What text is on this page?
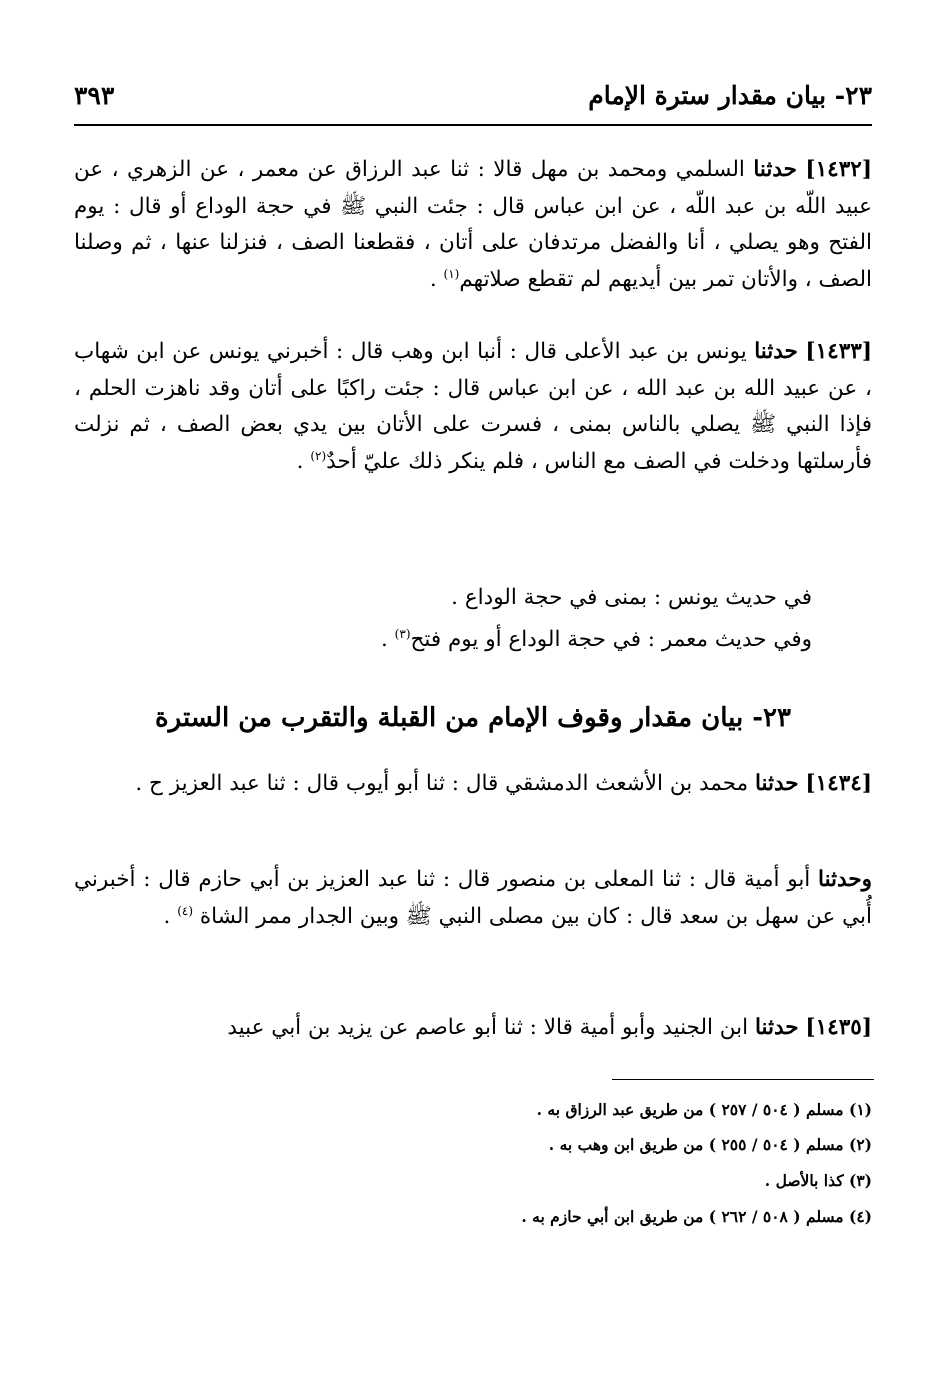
٢٣- بيان مقدار سترة الإمام
٣٩٣

[١٤٣٢] حدثنا السلمي ومحمد بن مهل قالا : ثنا عبد الرزاق عن معمر ، عن الزهري ، عن عبيد اللّه بن عبد اللّه ، عن ابن عباس قال : جئت النبي ﷺ في حجة الوداع أو قال : يوم الفتح وهو يصلي ، أنا والفضل مرتدفان على أتان ، فقطعنا الصف ، فنزلنا عنها ، ثم وصلنا الصف ، والأتان تمر بين أيديهم لم تقطع صلاتهم$^{(١)}$ .

[١٤٣٣] حدثنا يونس بن عبد الأعلى قال : أنبا ابن وهب قال : أخبرني يونس عن ابن شهاب ، عن عبيد الله بن عبد الله ، عن ابن عباس قال : جئت راكبًا على أتان وقد ناهزت الحلم ، فإذا النبي ﷺ يصلي بالناس بمنى ، فسرت على الأتان بين يدي بعض الصف ، ثم نزلت فأرسلتها ودخلت في الصف مع الناس ، فلم ينكر ذلك عليّ أحدٌ$^{(٢)}$ .

في حديث يونس : بمنى في حجة الوداع .

وفي حديث معمر : في حجة الوداع أو يوم فتح$^{(٣)}$ .

٢٣- بيان مقدار وقوف الإمام من القبلة والتقرب من السترة

[١٤٣٤] حدثنا محمد بن الأشعث الدمشقي قال : ثنا أبو أيوب قال : ثنا عبد العزيز ح .

وحدثنا أبو أمية قال : ثنا المعلى بن منصور قال : ثنا عبد العزيز بن أبي حازم قال : أخبرني أُبي عن سهل بن سعد قال : كان بين مصلى النبي ﷺ وبين الجدار ممر الشاة $^{(٤)}$ .

[١٤٣٥] حدثنا ابن الجنيد وأبو أمية قالا : ثنا أبو عاصم عن يزيد بن أبي عبيد

(١) مسلم ( ٥٠٤ / ٢٥٧ ) من طريق عبد الرزاق به .

(٢) مسلم ( ٥٠٤ / ٢٥٥ ) من طريق ابن وهب به .

(٣) كذا بالأصل .

(٤) مسلم ( ٥٠٨ / ٢٦٢ ) من طريق ابن أبي حازم به .
